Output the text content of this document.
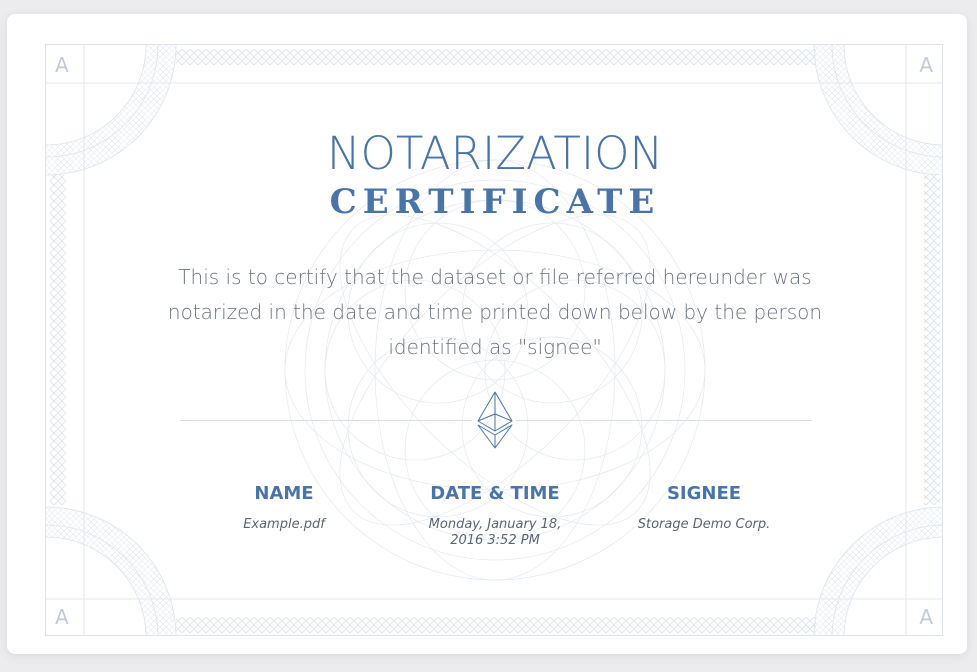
A	A
A	A
NOTARIZATION
CERTIFICATE
This is to certify that the dataset or file referred hereunder was notarized in the date and time printed down below by the person identified as "signee"
NAME
Example.pdf
DATE & TIME
Monday, January 18, 2016 3:52 PM
SIGNEE
Storage Demo Corp.
